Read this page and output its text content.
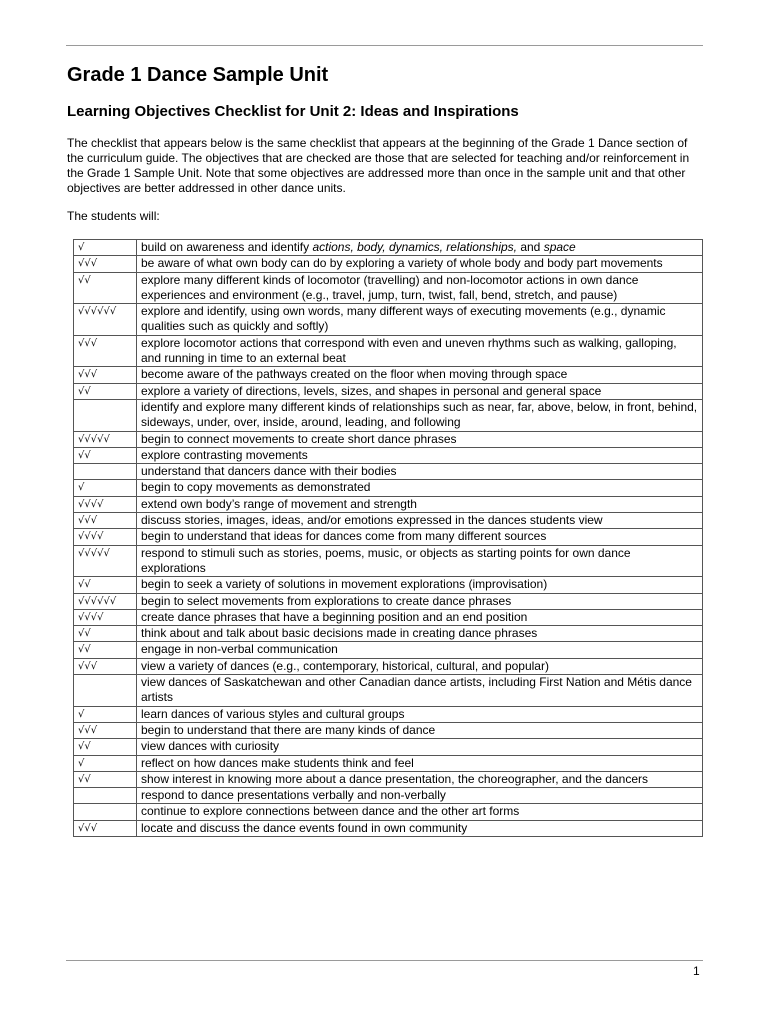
Grade 1 Dance Sample Unit
Learning Objectives Checklist for Unit 2: Ideas and Inspirations

The checklist that appears below is the same checklist that appears at the beginning of the Grade 1 Dance section of the curriculum guide. The objectives that are checked are those that are selected for teaching and/or reinforcement in the Grade 1 Sample Unit. Note that some objectives are addressed more than once in the sample unit and that other objectives are better addressed in other dance units.

The students will:

√	build on awareness and identify actions, body, dynamics, relationships, and space
√√√	be aware of what own body can do by exploring a variety of whole body and body part movements
√√	explore many different kinds of locomotor (travelling) and non-locomotor actions in own dance experiences and environment (e.g., travel, jump, turn, twist, fall, bend, stretch, and pause)
√√√√√√	explore and identify, using own words, many different ways of executing movements (e.g., dynamic qualities such as quickly and softly)
√√√	explore locomotor actions that correspond with even and uneven rhythms such as walking, galloping, and running in time to an external beat
√√√	become aware of the pathways created on the floor when moving through space
√√	explore a variety of directions, levels, sizes, and shapes in personal and general space
	identify and explore many different kinds of relationships such as near, far, above, below, in front, behind, sideways, under, over, inside, around, leading, and following
√√√√√	begin to connect movements to create short dance phrases
√√	explore contrasting movements
	understand that dancers dance with their bodies
√	begin to copy movements as demonstrated
√√√√	extend own body’s range of movement and strength
√√√	discuss stories, images, ideas, and/or emotions expressed in the dances students view
√√√√	begin to understand that ideas for dances come from many different sources
√√√√√	respond to stimuli such as stories, poems, music, or objects as starting points for own dance explorations
√√	begin to seek a variety of solutions in movement explorations (improvisation)
√√√√√√	begin to select movements from explorations to create dance phrases
√√√√	create dance phrases that have a beginning position and an end position
√√	think about and talk about basic decisions made in creating dance phrases
√√	engage in non-verbal communication
√√√	view a variety of dances (e.g., contemporary, historical, cultural, and popular)
	view dances of Saskatchewan and other Canadian dance artists, including First Nation and Métis dance artists
√	learn dances of various styles and cultural groups
√√√	begin to understand that there are many kinds of dance
√√	view dances with curiosity
√	reflect on how dances make students think and feel
√√	show interest in knowing more about a dance presentation, the choreographer, and the dancers
	respond to dance presentations verbally and non-verbally
	continue to explore connections between dance and the other art forms
√√√	locate and discuss the dance events found in own community
1
